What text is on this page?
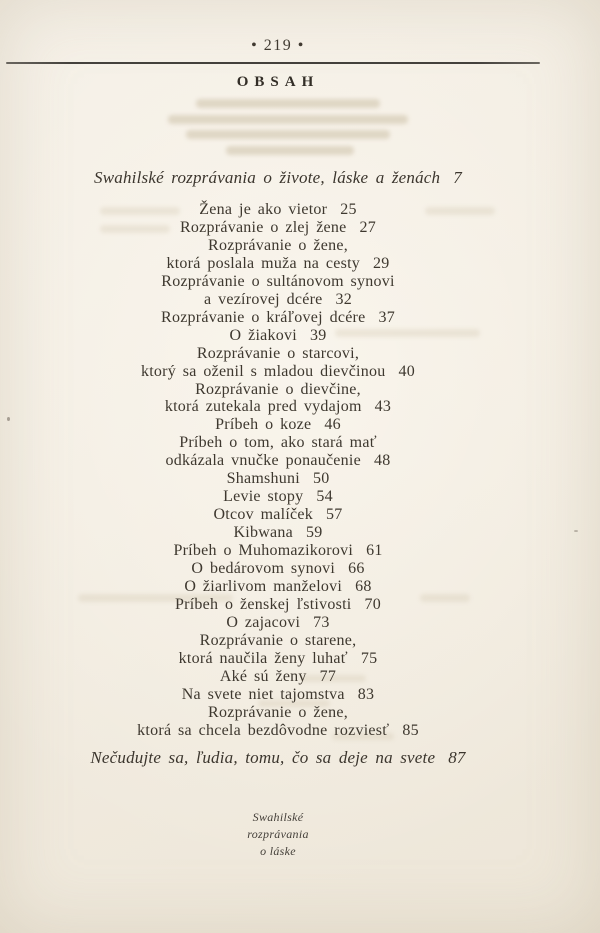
• 219 •
OBSAH
Swahilské rozprávania o živote, láske a ženách 7
Žena je ako vietor 25
Rozprávanie o zlej žene 27
Rozprávanie o žene,
ktorá poslala muža na cesty 29
Rozprávanie o sultánovom synovi
a vezírovej dcére 32
Rozprávanie o kráľovej dcére 37
O žiakovi 39
Rozprávanie o starcovi,
ktorý sa oženil s mladou dievčinou 40
Rozprávanie o dievčine,
ktorá zutekala pred vydajom 43
Príbeh o koze 46
Príbeh o tom, ako stará mať
odkázala vnučke ponaučenie 48
Shamshuni 50
Levie stopy 54
Otcov malíček 57
Kibwana 59
Príbeh o Muhomazikorovi 61
O bedárovom synovi 66
O žiarlivom manželovi 68
Príbeh o ženskej ľstivosti 70
O zajacovi 73
Rozprávanie o starene,
ktorá naučila ženy luhať 75
Aké sú ženy 77
Na svete niet tajomstva 83
Rozprávanie o žene,
ktorá sa chcela bezdôvodne rozviesť 85
Nečudujte sa, ľudia, tomu, čo sa deje na svete 87
Swahilské
rozprávania
o láske
